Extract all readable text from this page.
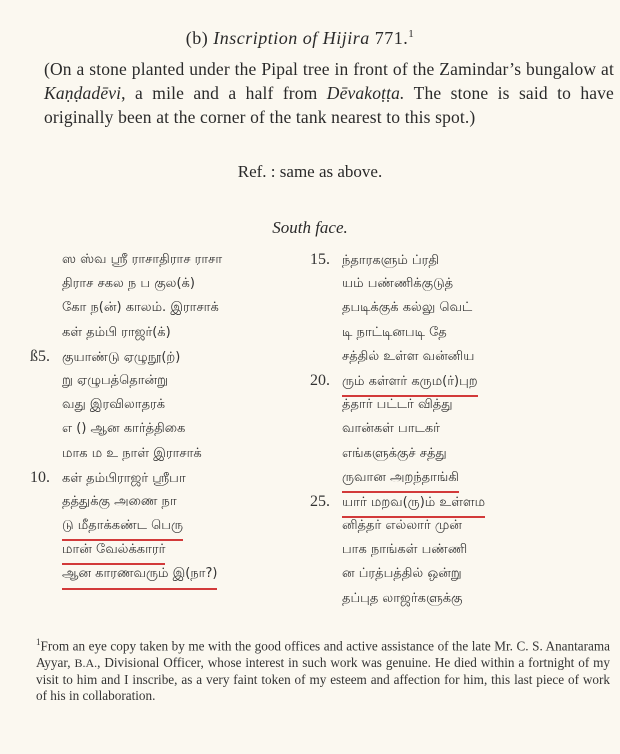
(b) Inscription of Hijira 771.$^1$
(On a stone planted under the Pipal tree in front of the Zamindar’s bungalow at Kaṇḍadēvi, a mile and a half from Dēvakoṭṭa. The stone is said to have originally been at the corner of the tank nearest to this spot.)
Ref. : same as above.
South face.
ஸ ஸ்வ ஸ்ரீ ராசாதிராச ராசா
திராச சகல ந ப குல(க்)
கோ ந(ன்) காலம். இராசாக்
கள் தம்பி ராஜர்(க்)
ß5. குயாண்டு ஏழுநூ(ற்)
று ஏழுபத்தொன்று
வது இரவிலாதரக்
எ () ஆன கார்த்திகை
மாக ம உ நாள் இராசாக்
10. கள் தம்பிராஜர் ஸ்ரீபா
தத்துக்கு அணை நா
டு மீதாக்கண்ட பெரு
மான் வேல்க்காரர்
ஆன காரணவரும் இ(நா?)
15. ந்தாரகளும் ப்ரதி
யம் பண்ணிக்குடுத்
தபடிக்குக் கல்லு வெட்
டி நாட்டினபடி தே
சத்தில் உள்ள வன்னிய
20. ரும் கள்ளர் கரும(ர்)புற
த்தார் பட்டர் வித்து
வான்கள் பாடகர்
எங்களுக்குச் சத்து
ருவான அறந்தாங்கி
25. யார் மறவ(ரு)ம் உள்ளம
னித்தர் எல்லார் முன்
பாக நாங்கள் பண்ணி
ன ப்ரத்பத்தில் ஒன்று
தப்புத லாஜர்களுக்கு
$^1$From an eye copy taken by me with the good offices and active assistance of the late Mr. C. S. Anantarama Ayyar, B.A., Divisional Officer, whose interest in such work was genuine. He died within a fortnight of my visit to him and I inscribe, as a very faint token of my esteem and affection for him, this last piece of work of his in collaboration.
